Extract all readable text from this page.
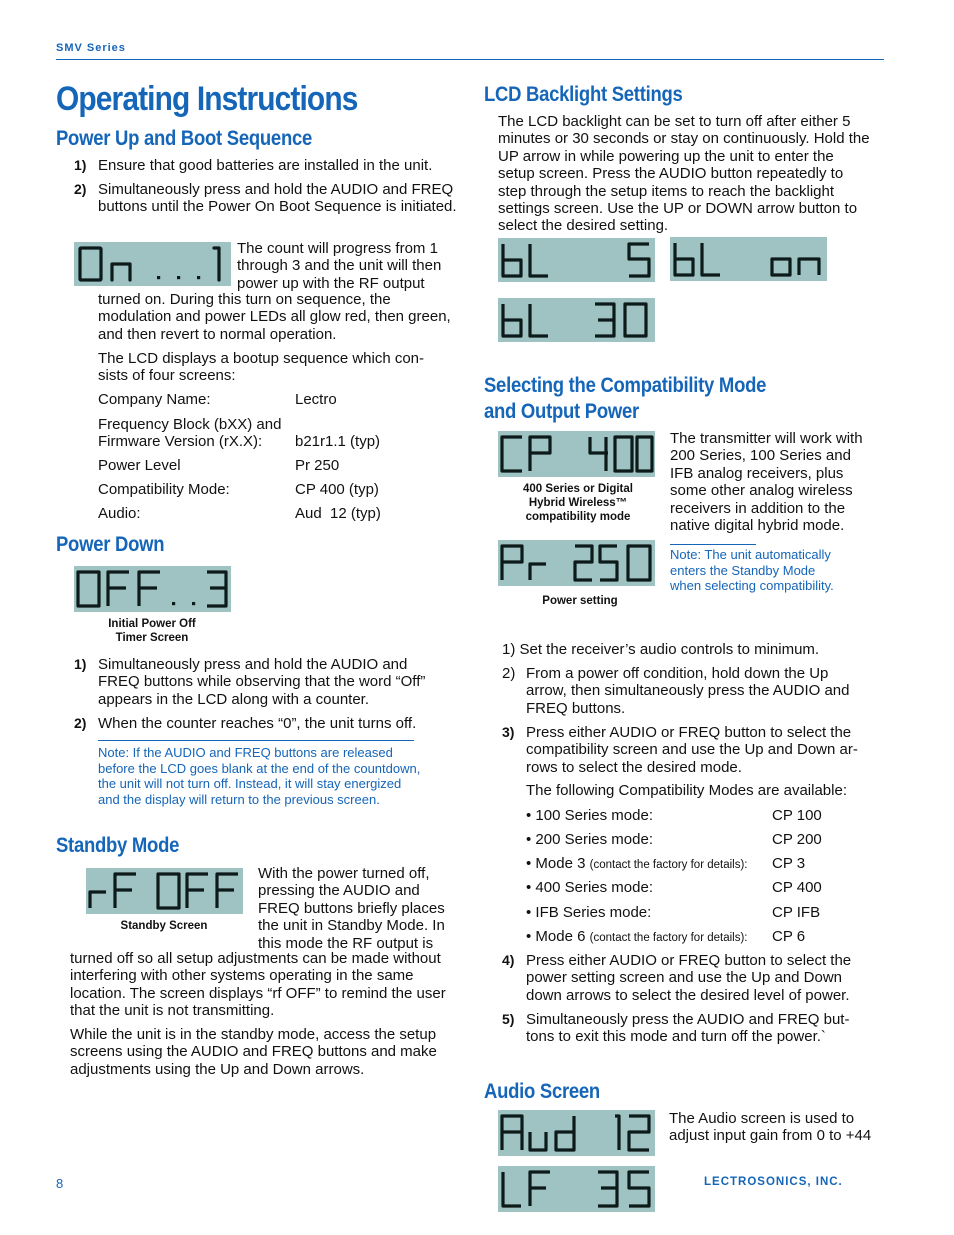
SMV Series
Operating Instructions
Power Up and Boot Sequence
1) Ensure that good batteries are installed in the unit.
2) Simultaneously press and hold the AUDIO and FREQ buttons until the Power On Boot Sequence is initiated.
The count will progress from 1 through 3 and the unit will then power up with the RF output
turned on. During this turn on sequence, the modulation and power LEDs all glow red, then green, and then revert to normal operation.
The LCD displays a bootup sequence which con- sists of four screens:
Company Name:	Lectro
Frequency Block (bXX) and Firmware Version (rX.X):	b21r1.1 (typ)
Power Level	Pr 250
Compatibility Mode:	CP 400 (typ)
Audio:	Aud  12 (typ)
Power Down
Initial Power Off Timer Screen
1) Simultaneously press and hold the AUDIO and FREQ buttons while observing that the word “Off” appears in the LCD along with a counter.
2) When the counter reaches “0”, the unit turns off.
Note: If the AUDIO and FREQ buttons are released before the LCD goes blank at the end of the countdown, the unit will not turn off. Instead, it will stay energized and the display will return to the previous screen.
Standby Mode
Standby Screen
With the power turned off, pressing the AUDIO and FREQ buttons briefly places the unit in Standby Mode. In this mode the RF output is
turned off so all setup adjustments can be made without interfering with other systems operating in the same location. The screen displays “rf OFF” to remind the user that the unit is not transmitting.
While the unit is in the standby mode, access the setup screens using the AUDIO and FREQ buttons and make adjustments using the Up and Down arrows.
LCD Backlight Settings
The LCD backlight can be set to turn off after either 5 minutes or 30 seconds or stay on continuously. Hold the UP arrow in while powering up the unit to enter the setup screen. Press the AUDIO button repeatedly to step through the setup items to reach the backlight settings screen. Use the UP or DOWN arrow button to select the desired setting.
Selecting the Compatibility Mode
and Output Power
400 Series or Digital Hybrid Wireless™ compatibility mode
The transmitter will work with 200 Series, 100 Series and IFB analog receivers, plus some other analog wireless receivers in addition to the native digital hybrid mode.
Power setting
Note: The unit automatically enters the Standby Mode when selecting compatibility.
1) Set the receiver’s audio controls to minimum.
2) From a power off condition, hold down the Up arrow, then simultaneously press the AUDIO and FREQ buttons.
3) Press either AUDIO or FREQ button to select the compatibility screen and use the Up and Down ar- rows to select the desired mode.
The following Compatibility Modes are available:
• 100 Series mode:	CP 100
• 200 Series mode:	CP 200
• Mode 3 (contact the factory for details): CP 3
• 400 Series mode:	CP 400
• IFB Series mode:	CP IFB
• Mode 6 (contact the factory for details): CP 6
4) Press either AUDIO or FREQ button to select the power setting screen and use the Up and Down down arrows to select the desired level of power.
5) Simultaneously press the AUDIO and FREQ but- tons to exit this mode and turn off the power.`
Audio Screen
The Audio screen is used to adjust input gain from 0 to +44
8	LECTROSONICS, INC.
